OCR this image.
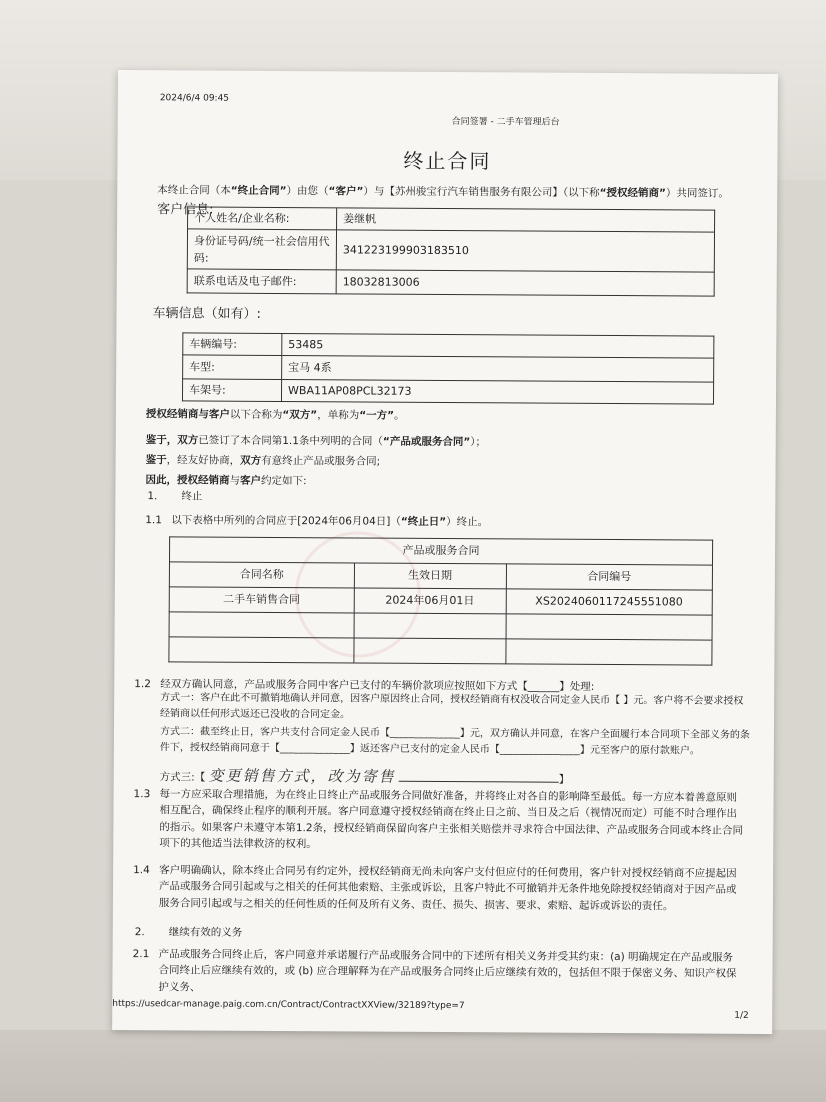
2024/6/4 09:45
合同签署 - 二手车管理后台
终止合同
本终止合同（本“终止合同”）由您（“客户”）与【苏州骏宝行汽车销售服务有限公司】（以下称“授权经销商”）共同签订。
客户信息:
个人姓名/企业名称:	姜继帆
身份证号码/统一社会信用代码:	341223199903183510
联系电话及电子邮件:	18032813006
车辆信息（如有）:
车辆编号:	53485
车型:	宝马 4系
车架号:	WBA11AP08PCL32173
授权经销商与客户以下合称为“双方”，单称为“一方”。
鉴于，双方已签订了本合同第1.1条中列明的合同（“产品或服务合同”）；
鉴于，经友好协商，双方有意终止产品或服务合同;
因此，授权经销商与客户约定如下:
1. 终止
1.1 以下表格中所列的合同应于[2024年06月04日]（“终止日”）终止。
产品或服务合同		
合同名称	生效日期	合同编号
二手车销售合同	2024年06月01日	XS2024060117245551080

1.2 经双方确认同意，产品或服务合同中客户已支付的车辆价款项应按照如下方式【______】处理:
方式一：客户在此不可撤销地确认并同意，因客户原因终止合同，授权经销商有权没收合同定金人民币【 】元。客户将不会要求授权经销商以任何形式返还已没收的合同定金。
方式二：截至终止日，客户共支付合同定金人民币【______________】元，双方确认并同意，在客户全面履行本合同项下全部义务的条件下，授权经销商同意于【______________】返还客户已支付的定金人民币【________________】元至客户的原付款账户。
方式三:【 变更销售方式，改为寄售	】
1.3 每一方应采取合理措施，为在终止日终止产品或服务合同做好准备，并将终止对各自的影响降至最低。每一方应本着善意原则相互配合，确保终止程序的顺利开展。客户同意遵守授权经销商在终止日之前、当日及之后（视情况而定）可能不时合理作出的指示。如果客户未遵守本第1.2条，授权经销商保留向客户主张相关赔偿并寻求符合中国法律、产品或服务合同或本终止合同项下的其他适当法律救济的权利。
1.4 客户明确确认，除本终止合同另有约定外，授权经销商无尚未向客户支付但应付的任何费用，客户针对授权经销商不应提起因产品或服务合同引起或与之相关的任何其他索赔、主张或诉讼，且客户特此不可撤销并无条件地免除授权经销商对于因产品或服务合同引起或与之相关的任何性质的任何及所有义务、责任、损失、损害、要求、索赔、起诉或诉讼的责任。
2. 继续有效的义务
2.1 产品或服务合同终止后，客户同意并承诺履行产品或服务合同中的下述所有相关义务并受其约束：(a) 明确规定在产品或服务合同终止后应继续有效的，或 (b) 应合理解释为在产品或服务合同终止后应继续有效的，包括但不限于保密义务、知识产权保护义务、
https://usedcar-manage.paig.com.cn/Contract/ContractXXView/32189?type=7
1/2
